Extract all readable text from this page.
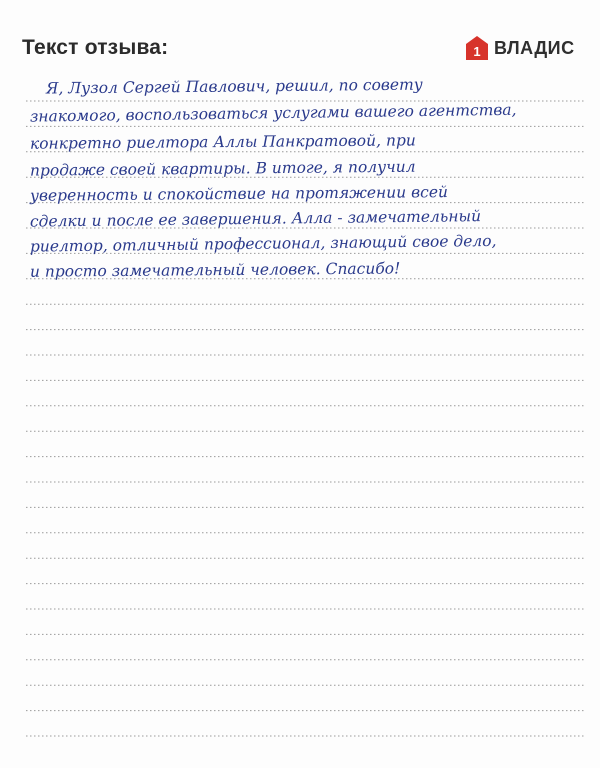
Текст отзыва:	1 ВЛАДИС
Я, Лузол Сергей Павлович, решил, по совету
знакомого, воспользоваться услугами вашего агентства,
конкретно риелтора Аллы Панкратовой, при
продаже своей квартиры. В итоге, я получил
уверенность и спокойствие на протяжении всей
сделки и после ее завершения. Алла - замечательный
риелтор, отличный профессионал, знающий свое дело,
и просто замечательный человек. Спасибо!
